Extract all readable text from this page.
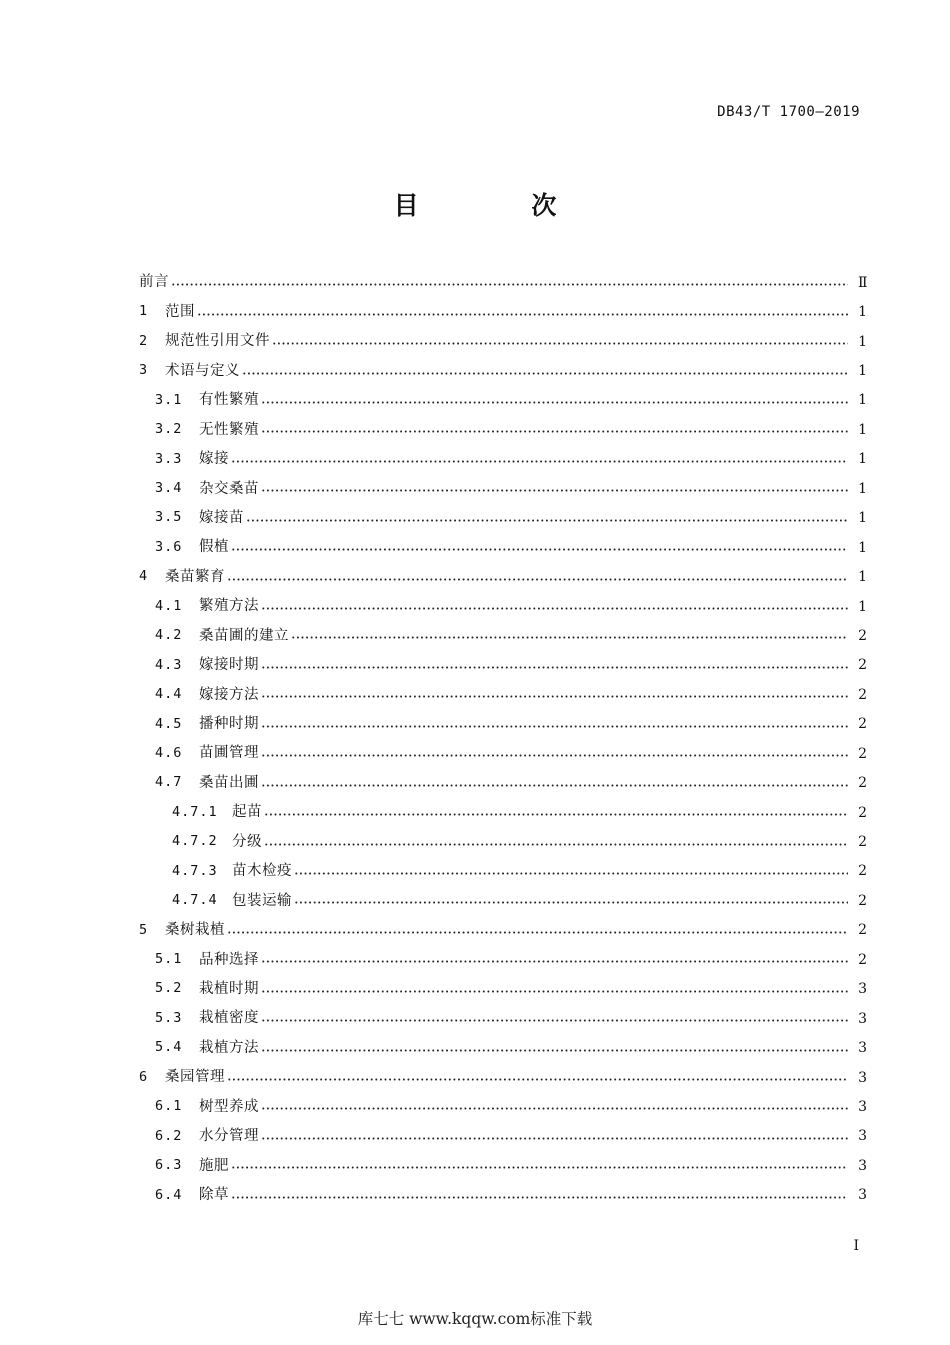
DB43/T 1700—2019
目 次
前言	Ⅱ
1	范围	1
2	规范性引用文件	1
3	术语与定义	1
3.1	有性繁殖	1
3.2	无性繁殖	1
3.3	嫁接	1
3.4	杂交桑苗	1
3.5	嫁接苗	1
3.6	假植	1
4	桑苗繁育	1
4.1	繁殖方法	1
4.2	桑苗圃的建立	2
4.3	嫁接时期	2
4.4	嫁接方法	2
4.5	播种时期	2
4.6	苗圃管理	2
4.7	桑苗出圃	2
4.7.1 起苗	2
4.7.2 分级	2
4.7.3 苗木检疫	2
4.7.4 包装运输	2
5	桑树栽植	2
5.1	品种选择	2
5.2	栽植时期	3
5.3	栽植密度	3
5.4	栽植方法	3
6	桑园管理	3
6.1	树型养成	3
6.2	水分管理	3
6.3	施肥	3
6.4	除草	3
I
库七七 www.kqqw.com标准下载
